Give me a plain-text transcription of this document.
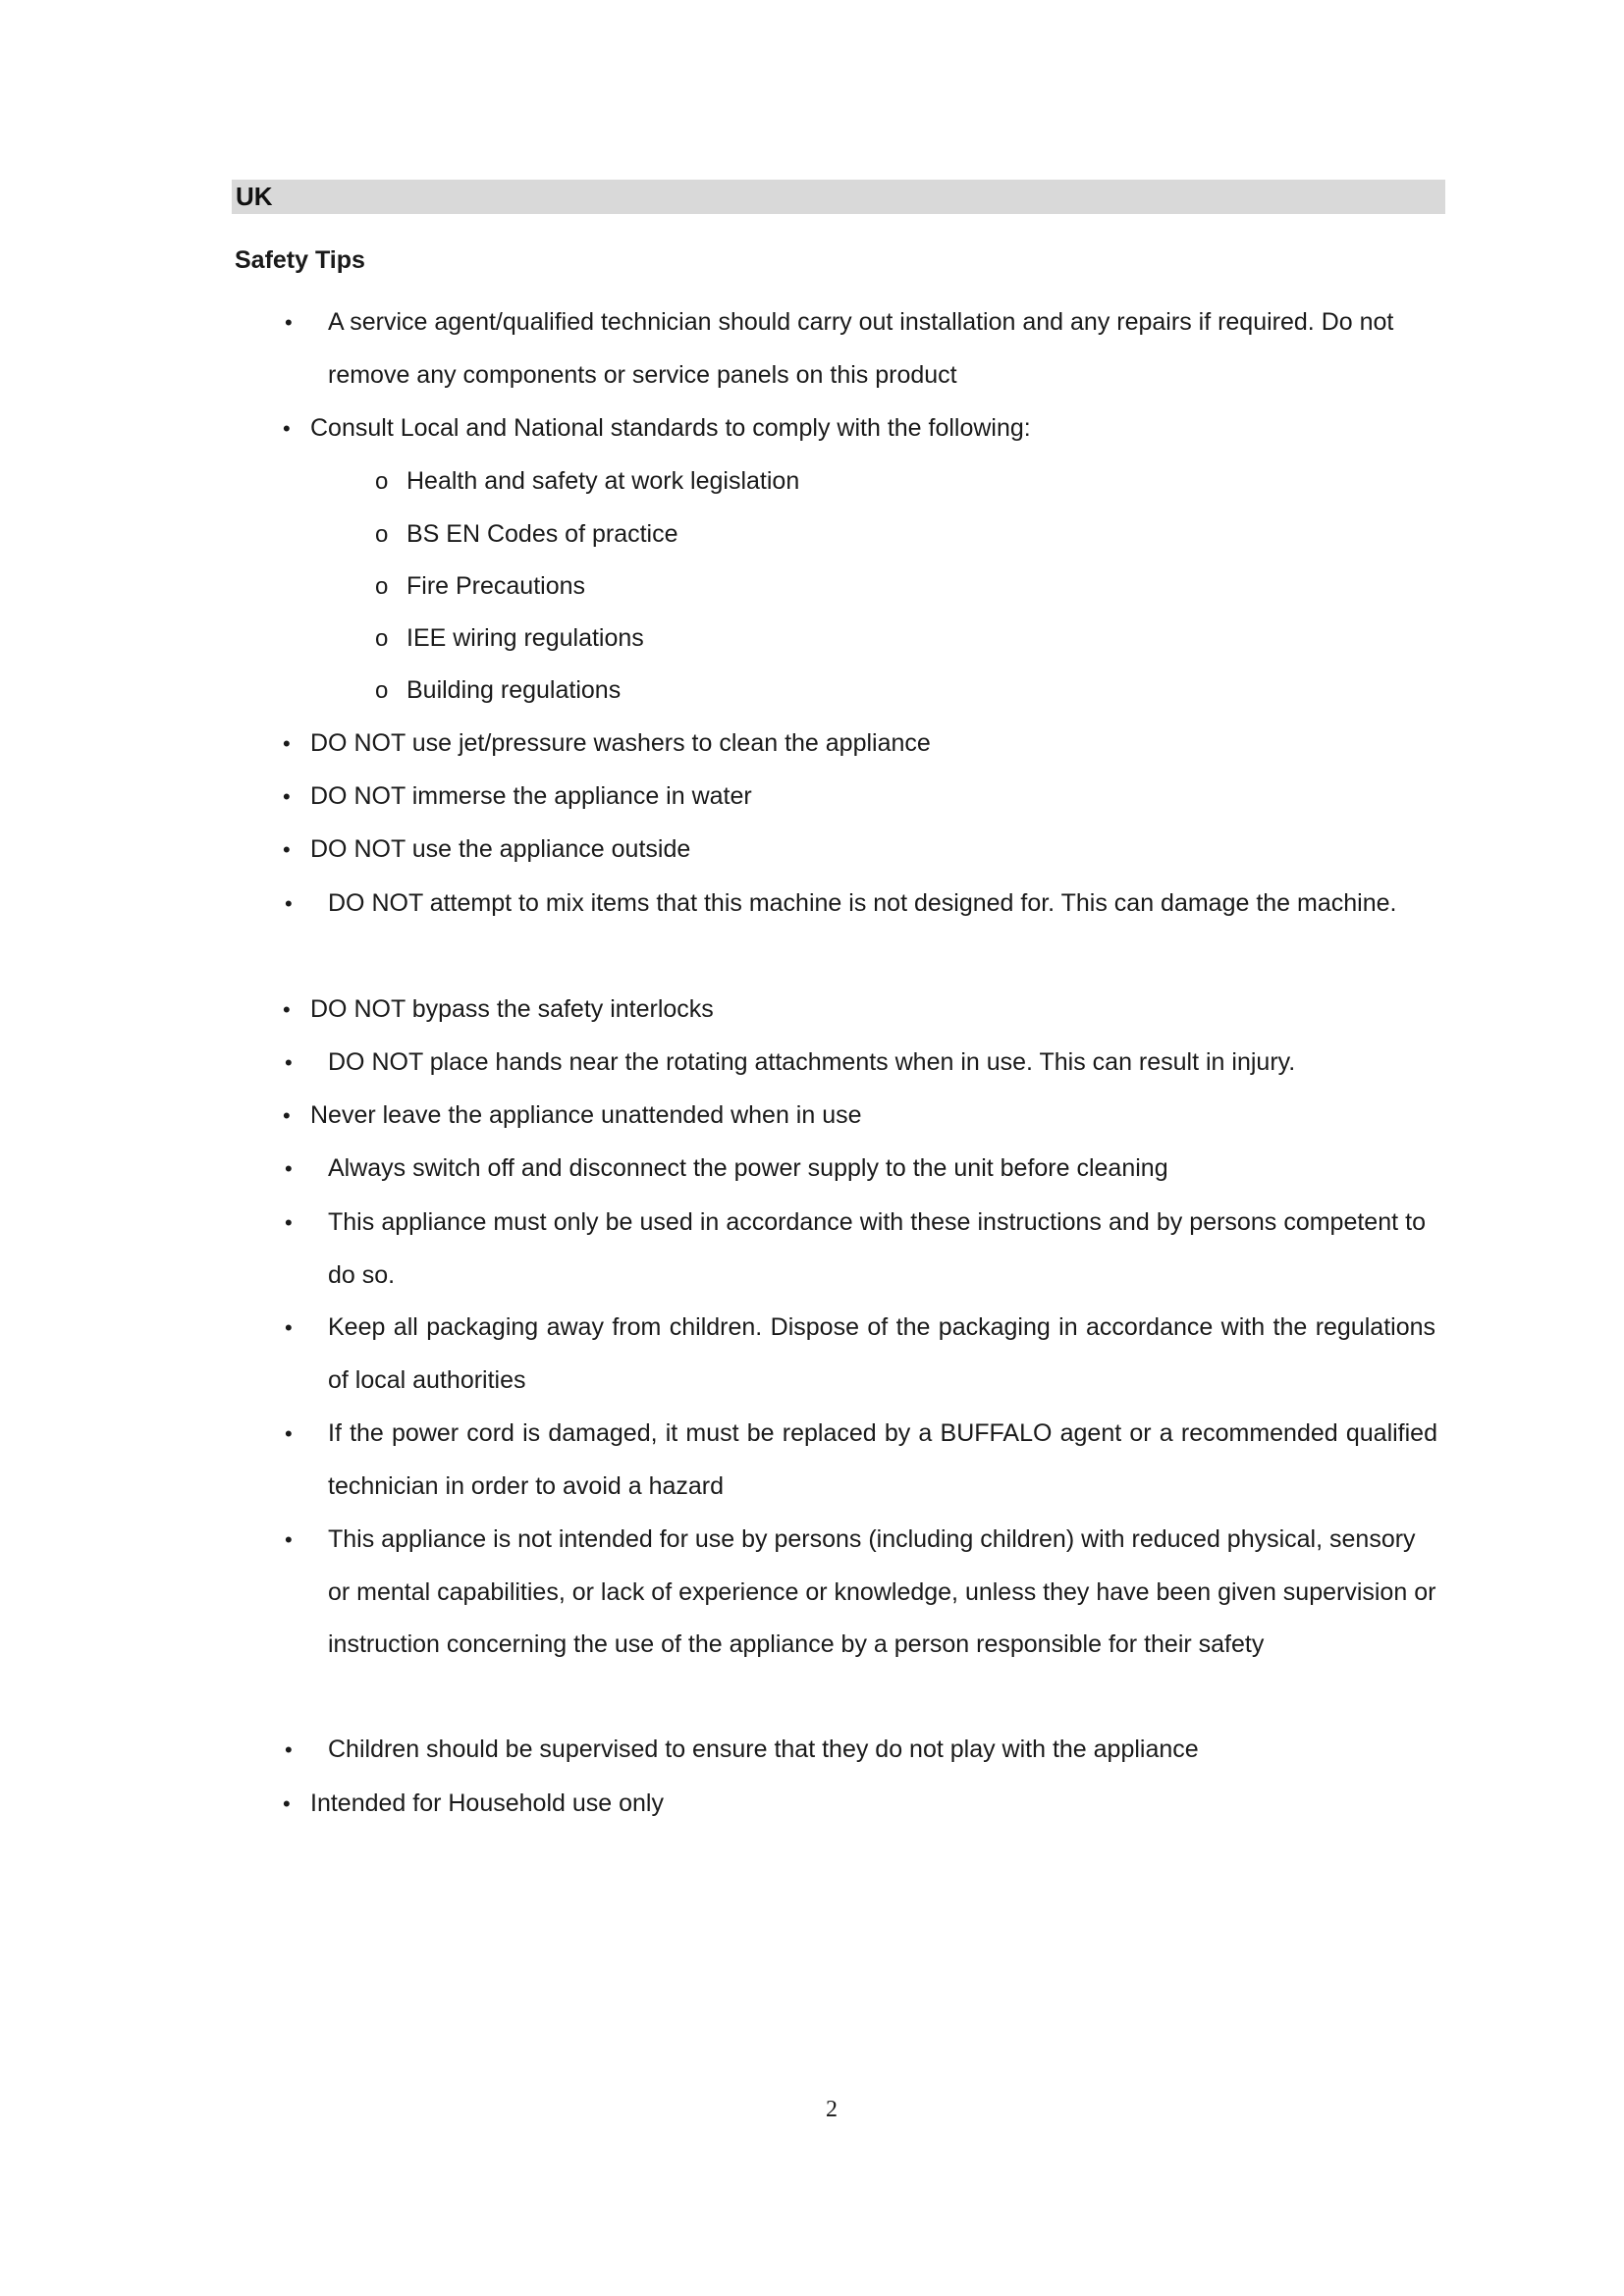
UK
Safety Tips
• A service agent/qualified technician should carry out installation and any repairs if required. Do not remove any components or service panels on this product
• Consult Local and National standards to comply with the following:
o Health and safety at work legislation
o BS EN Codes of practice
o Fire Precautions
o IEE wiring regulations
o Building regulations
• DO NOT use jet/pressure washers to clean the appliance
• DO NOT immerse the appliance in water
• DO NOT use the appliance outside
• DO NOT attempt to mix items that this machine is not designed for. This can damage the machine.
• DO NOT bypass the safety interlocks
• DO NOT place hands near the rotating attachments when in use. This can result in injury.
• Never leave the appliance unattended when in use
• Always switch off and disconnect the power supply to the unit before cleaning
• This appliance must only be used in accordance with these instructions and by persons competent to do so.
• Keep all packaging away from children. Dispose of the packaging in accordance with the regulations of local authorities
• If the power cord is damaged, it must be replaced by a BUFFALO agent or a recommended qualified technician in order to avoid a hazard
• This appliance is not intended for use by persons (including children) with reduced physical, sensory or mental capabilities, or lack of experience or knowledge, unless they have been given supervision or instruction concerning the use of the appliance by a person responsible for their safety
• Children should be supervised to ensure that they do not play with the appliance
• Intended for Household use only
2
